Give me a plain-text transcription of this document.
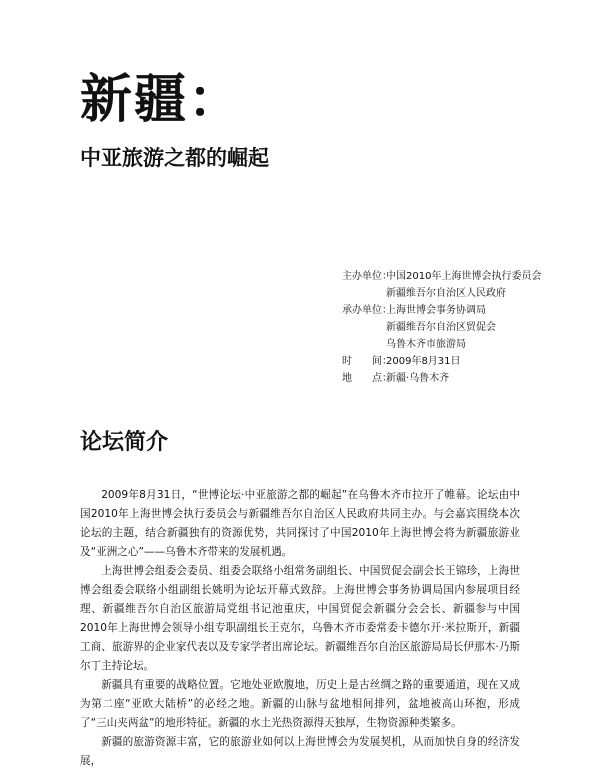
新疆：
中亚旅游之都的崛起
主办单位：
中国2010年上海世博会执行委员会
新疆维吾尔自治区人民政府
承办单位：
上海世博会事务协调局
新疆维吾尔自治区贸促会
乌鲁木齐市旅游局
时　　间：
2009年8月31日
地　　点：
新疆·乌鲁木齐
论坛简介

2009年8月31日，“世博论坛·中亚旅游之都的崛起”在乌鲁木齐市拉开了帷幕。论坛由中国2010年上海世博会执行委员会与新疆维吾尔自治区人民政府共同主办。与会嘉宾围绕本次论坛的主题，结合新疆独有的资源优势，共同探讨了中国2010年上海世博会将为新疆旅游业及“亚洲之心”——乌鲁木齐带来的发展机遇。

上海世博会组委会委员、组委会联络小组常务副组长、中国贸促会副会长王锦珍，上海世博会组委会联络小组副组长姚明为论坛开幕式致辞。上海世博会事务协调局国内参展项目经理、新疆维吾尔自治区旅游局党组书记池重庆，中国贸促会新疆分会会长、新疆参与中国2010年上海世博会领导小组专职副组长王克尔，乌鲁木齐市委常委卡德尔开·米拉斯开，新疆工商、旅游界的企业家代表以及专家学者出席论坛。新疆维吾尔自治区旅游局局长伊那木·乃斯尔丁主持论坛。

新疆具有重要的战略位置。它地处亚欧腹地，历史上是古丝绸之路的重要通道，现在又成为第二座“亚欧大陆桥”的必经之地。新疆的山脉与盆地相间排列，盆地被高山环抱，形成了“三山夹两盆”的地形特征。新疆的水土光热资源得天独厚，生物资源种类繁多。

新疆的旅游资源丰富，它的旅游业如何以上海世博会为发展契机，从而加快自身的经济发展，
